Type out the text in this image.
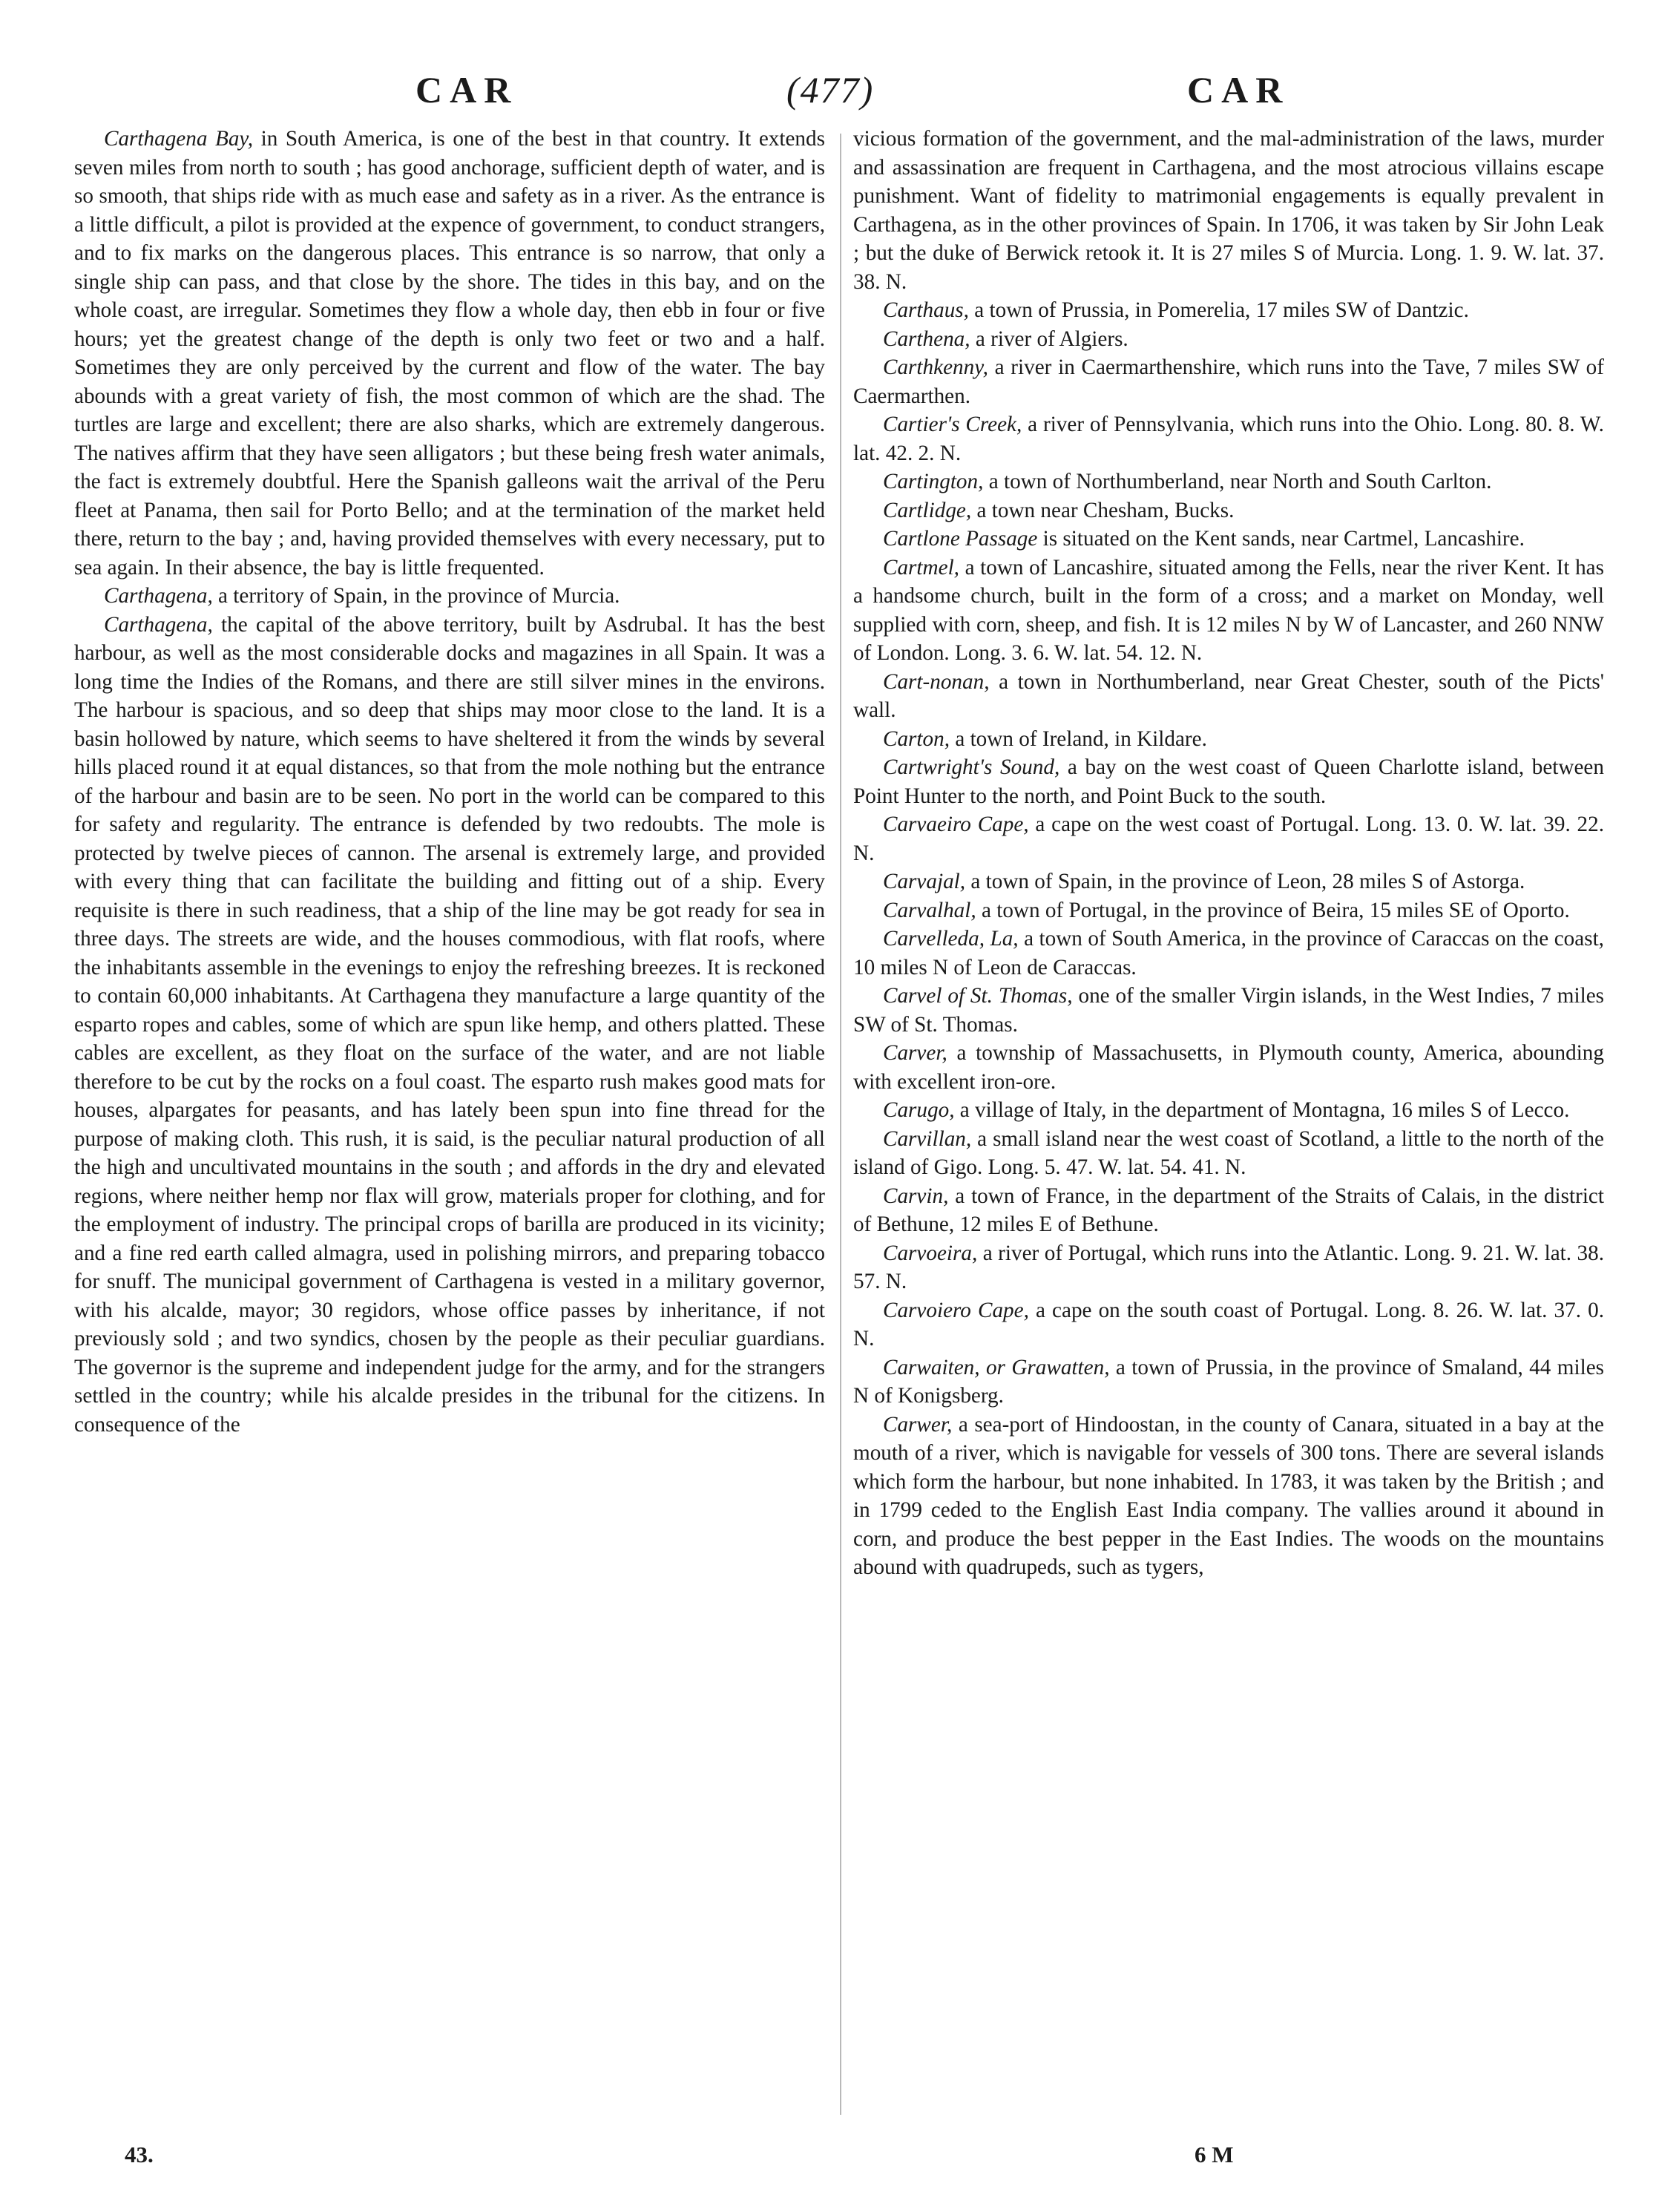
CAR	(477)	CAR

Carthagena Bay, in South America, is one of the best in that country. It extends seven miles from north to south ; has good anchorage, sufficient depth of water, and is so smooth, that ships ride with as much ease and safety as in a river. As the entrance is a little difficult, a pilot is provided at the expence of government, to conduct strangers, and to fix marks on the dangerous places. This entrance is so narrow, that only a single ship can pass, and that close by the shore. The tides in this bay, and on the whole coast, are irregular. Sometimes they flow a whole day, then ebb in four or five hours; yet the greatest change of the depth is only two feet or two and a half. Sometimes they are only perceived by the current and flow of the water. The bay abounds with a great variety of fish, the most common of which are the shad. The turtles are large and excellent; there are also sharks, which are extremely dangerous. The natives affirm that they have seen alligators ; but these being fresh water animals, the fact is extremely doubtful. Here the Spanish galleons wait the arrival of the Peru fleet at Panama, then sail for Porto Bello; and at the termination of the market held there, return to the bay ; and, having provided themselves with every necessary, put to sea again. In their absence, the bay is little frequented.

Carthagena, a territory of Spain, in the province of Murcia.

Carthagena, the capital of the above territory, built by Asdrubal. It has the best harbour, as well as the most considerable docks and magazines in all Spain. It was a long time the Indies of the Romans, and there are still silver mines in the environs. The harbour is spacious, and so deep that ships may moor close to the land. It is a basin hollowed by nature, which seems to have sheltered it from the winds by several hills placed round it at equal distances, so that from the mole nothing but the entrance of the harbour and basin are to be seen. No port in the world can be compared to this for safety and regularity. The entrance is defended by two redoubts. The mole is protected by twelve pieces of cannon. The arsenal is extremely large, and provided with every thing that can facilitate the building and fitting out of a ship. Every requisite is there in such readiness, that a ship of the line may be got ready for sea in three days. The streets are wide, and the houses commodious, with flat roofs, where the inhabitants assemble in the evenings to enjoy the refreshing breezes. It is reckoned to contain 60,000 inhabitants. At Carthagena they manufacture a large quantity of the esparto ropes and cables, some of which are spun like hemp, and others platted. These cables are excellent, as they float on the surface of the water, and are not liable therefore to be cut by the rocks on a foul coast. The esparto rush makes good mats for houses, alpargates for peasants, and has lately been spun into fine thread for the purpose of making cloth. This rush, it is said, is the peculiar natural production of all the high and uncultivated mountains in the south ; and affords in the dry and elevated regions, where neither hemp nor flax will grow, materials proper for clothing, and for the employment of industry. The principal crops of barilla are produced in its vicinity; and a fine red earth called almagra, used in polishing mirrors, and preparing tobacco for snuff. The municipal government of Carthagena is vested in a military governor, with his alcalde, mayor; 30 regidors, whose office passes by inheritance, if not previously sold ; and two syndics, chosen by the people as their peculiar guardians. The governor is the supreme and independent judge for the army, and for the strangers settled in the country; while his alcalde presides in the tribunal for the citizens. In consequence of the

vicious formation of the government, and the mal-administration of the laws, murder and assassination are frequent in Carthagena, and the most atrocious villains escape punishment. Want of fidelity to matrimonial engagements is equally prevalent in Carthagena, as in the other provinces of Spain. In 1706, it was taken by Sir John Leak ; but the duke of Berwick retook it. It is 27 miles S of Murcia. Long. 1. 9. W. lat. 37. 38. N.

Carthaus, a town of Prussia, in Pomerelia, 17 miles SW of Dantzic.

Carthena, a river of Algiers.

Carthkenny, a river in Caermarthenshire, which runs into the Tave, 7 miles SW of Caermarthen.

Cartier's Creek, a river of Pennsylvania, which runs into the Ohio. Long. 80. 8. W. lat. 42. 2. N.

Cartington, a town of Northumberland, near North and South Carlton.

Cartlidge, a town near Chesham, Bucks.

Cartlone Passage is situated on the Kent sands, near Cartmel, Lancashire.

Cartmel, a town of Lancashire, situated among the Fells, near the river Kent. It has a handsome church, built in the form of a cross; and a market on Monday, well supplied with corn, sheep, and fish. It is 12 miles N by W of Lancaster, and 260 NNW of London. Long. 3. 6. W. lat. 54. 12. N.

Cart-nonan, a town in Northumberland, near Great Chester, south of the Picts' wall.

Carton, a town of Ireland, in Kildare.

Cartwright's Sound, a bay on the west coast of Queen Charlotte island, between Point Hunter to the north, and Point Buck to the south.

Carvaeiro Cape, a cape on the west coast of Portugal. Long. 13. 0. W. lat. 39. 22. N.

Carvajal, a town of Spain, in the province of Leon, 28 miles S of Astorga.

Carvalhal, a town of Portugal, in the province of Beira, 15 miles SE of Oporto.

Carvelleda, La, a town of South America, in the province of Caraccas on the coast, 10 miles N of Leon de Caraccas.

Carvel of St. Thomas, one of the smaller Virgin islands, in the West Indies, 7 miles SW of St. Thomas.

Carver, a township of Massachusetts, in Plymouth county, America, abounding with excellent iron-ore.

Carugo, a village of Italy, in the department of Montagna, 16 miles S of Lecco.

Carvillan, a small island near the west coast of Scotland, a little to the north of the island of Gigo. Long. 5. 47. W. lat. 54. 41. N.

Carvin, a town of France, in the department of the Straits of Calais, in the district of Bethune, 12 miles E of Bethune.

Carvoeira, a river of Portugal, which runs into the Atlantic. Long. 9. 21. W. lat. 38. 57. N.

Carvoiero Cape, a cape on the south coast of Portugal. Long. 8. 26. W. lat. 37. 0. N.

Carwaiten, or Grawatten, a town of Prussia, in the province of Smaland, 44 miles N of Konigsberg.

Carwer, a sea-port of Hindoostan, in the county of Canara, situated in a bay at the mouth of a river, which is navigable for vessels of 300 tons. There are several islands which form the harbour, but none inhabited. In 1783, it was taken by the British ; and in 1799 ceded to the English East India company. The vallies around it abound in corn, and produce the best pepper in the East Indies. The woods on the mountains abound with quadrupeds, such as tygers,

43.	6 M
